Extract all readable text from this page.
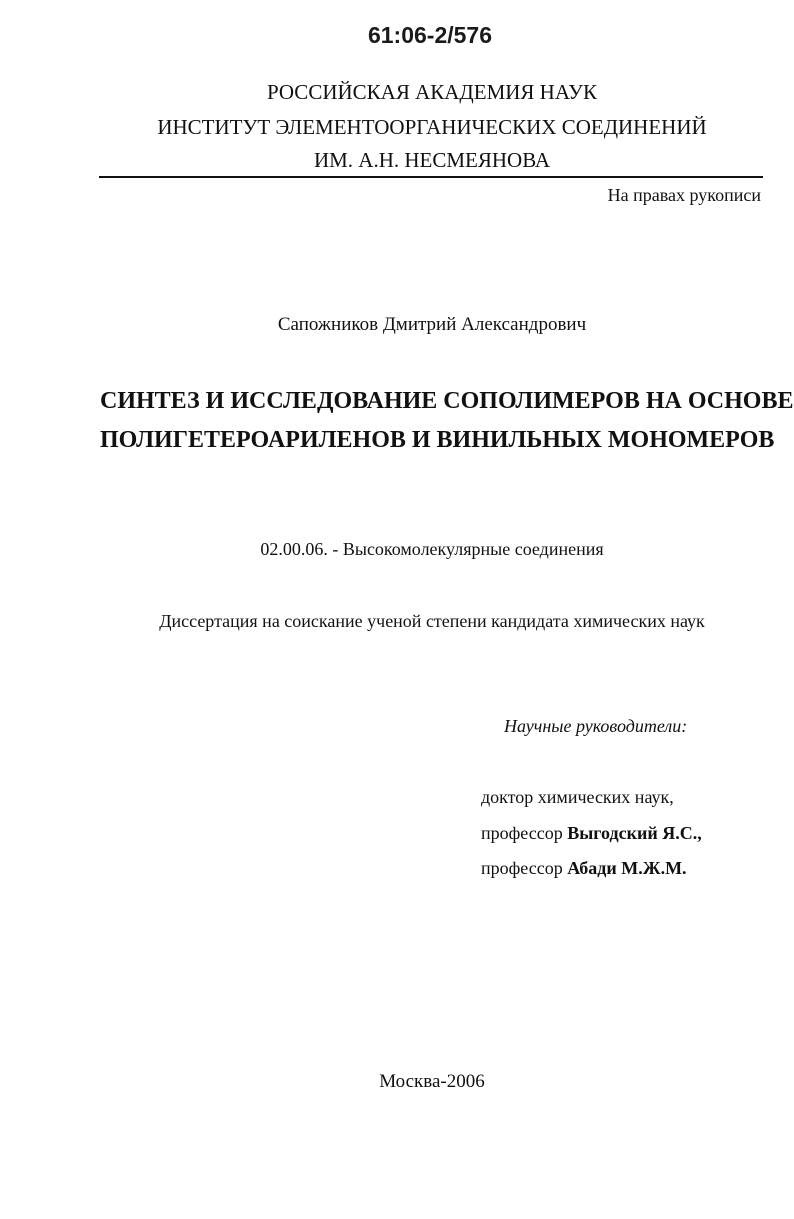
61:06-2/576
РОССИЙСКАЯ АКАДЕМИЯ НАУК
ИНСТИТУТ ЭЛЕМЕНТООРГАНИЧЕСКИХ СОЕДИНЕНИЙ
ИМ. А.Н. НЕСМЕЯНОВА
На правах рукописи
Сапожников Дмитрий Александрович
СИНТЕЗ И ИССЛЕДОВАНИЕ СОПОЛИМЕРОВ НА ОСНОВЕ
ПОЛИГЕТЕРОАРИЛЕНОВ И ВИНИЛЬНЫХ МОНОМЕРОВ
02.00.06. - Высокомолекулярные соединения
Диссертация на соискание ученой степени кандидата химических наук
Научные руководители:
доктор химических наук,
профессор Выгодский Я.С.,
профессор Абади М.Ж.М.
Москва-2006
